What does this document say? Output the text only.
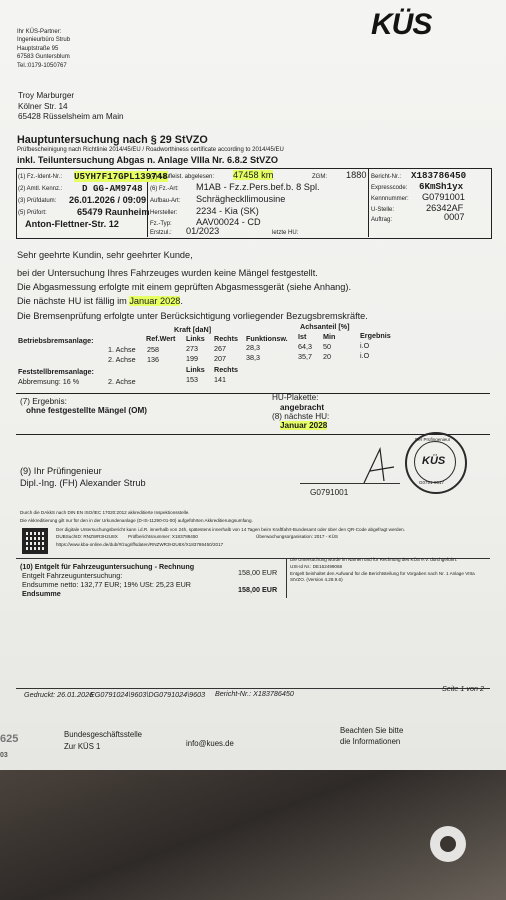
Ihr KÜS-Partner:
Ingenieurbüro Strub
Hauptstraße 95
67583 Guntersblum
Tel.:0179-1050767
KÜS
Troy Marburger
Kölner Str. 14
65428 Rüsselsheim am Main
Hauptuntersuchung nach § 29 StVZO
Prüfbescheinigung nach Richtlinie 2014/45/EU / Roadworthiness certificate according to 2014/45/EU
inkl. Teiluntersuchung Abgas n. Anlage VIIIa Nr. 6.8.2 StVZO
(1) Fz.-Ident-Nr.: U5YH7F17GPL139748
(2) Amtl. Kennz.: D GG-AM9748
(3) Prüfdatum: 26.01.2026 / 09:09
(5) Prüfort:	65479 Raunheim
Anton-Flettner-Str. 12
(4) Laufleist. abgelesen: 47458 km	ZGM: 1880
(6) Fz.-Art: M1AB - Fz.z.Pers.bef.b. 8 Spl.
Aufbau-Art: Schrägheckllimousine
Hersteller: 2234 - Kia (SK)
Fz.-Typ:	AAV00024 - CD
Erstzul.: 01/2023	letzte HU:
Bericht-Nr.: X183786450
Expresscode: 6KmSh1yx
Kennnummer: G0791001
U-Stelle:	26342AF
Auftrag:	0007
Sehr geehrte Kundin, sehr geehrter Kunde,
bei der Untersuchung Ihres Fahrzeuges wurden keine Mängel festgestellt.
Die Abgasmessung erfolgte mit einem geprüften Abgasmessgerät (siehe Anhang).
Die nächste HU ist fällig im Januar 2028.
Die Bremsenprüfung erfolgte unter Berücksichtigung vorliegender Bezugsbremskräfte.
Kraft [daN]	Achsanteil [%]
Ref.Wert Links Rechts Funktionsw. Ist Min	Ergebnis
Betriebsbremsanlage:
1. Achse 258	273 267	28,3	64,3 50	i.O
2. Achse 136	199 207	38,3	35,7 20	i.O
Feststellbremsanlage:	Links Rechts
Abbremsung: 16 %	2. Achse	153 141
(7) Ergebnis:
ohne festgestellte Mängel (OM)
HU-Plakette:
angebracht
(8) nächste HU:
Januar 2028
(9) Ihr Prüfingenieur
Dipl.-Ing. (FH) Alexander Strub
G0791001
Der Prüfingenieur
KÜS
G0791-0017
Durch die DAkkS nach DIN EN ISO/IEC 17020:2012 akkreditierte Inspektionsstelle.
Die Akkreditierung gilt nur für den in der Urkundenanlage (D-IS-11290-01-00) aufgeführten Akkreditierungsumfang.
Der digitale Untersuchungsbericht kann i.d.R. innerhalb von 24h, spätestens innerhalb von 14 Tagen beim Kraftfahrt-Bundesamt oder über den QR-Code abgefragt werden.
DUBSuchID: RNZWR3H2U8X Prüfberichtsnummer: X183786450	Überwachungsorganisation: 2017 - KÜS
https://www.kba-online.de/dub/#/zugriffsdaten/RNZWR3H2U8X/X183786450/2017
(10) Entgelt für Fahrzeuguntersuchung - Rechnung
Entgelt Fahrzeuguntersuchung:	158,00 EUR
Endsumme netto: 132,77 EUR; 19% USt: 25,23 EUR
Endsumme	158,00 EUR
Die Untersuchung wurde im Namen und für Rechnung des KÜS e.V. durchgeführt.
USt-Id Nr.: DE162499068
Entgelt beinhaltet den Aufwand für die Berichtsteilung für Vorgaben nach Nr. 1 Anlage VIIIa StVZO. (Version 4.28.9.6)
Gedruckt: 26.01.2026
EG0791024\9603\DG0791024\9603 Bericht-Nr.: X183786450
Seite 1 von 2
Bundesgeschäftsstelle
Zur KÜS 1	info@kues.de
Beachten Sie bitte
die Informationen
625
03
